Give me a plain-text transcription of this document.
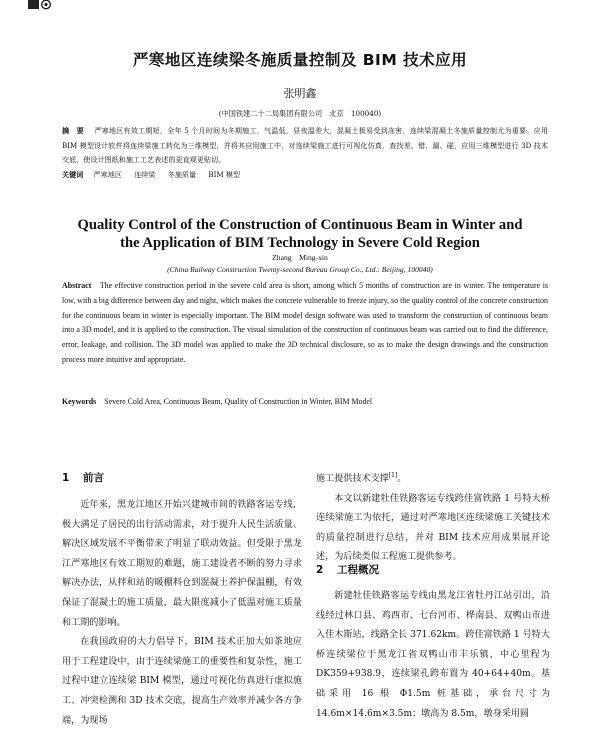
严寒地区连续梁冬施质量控制及 BIM 技术应用
张明鑫
(中国铁建二十二局集团有限公司　北京　100040)
摘　要 严寒地区有效工期短，全年 5 个月时间为冬期施工，气温低，昼夜温差大，混凝土极易受到冻害，连续梁混凝土冬施质量控制尤为重要。应用 BIM 模型设计软件将连续梁施工转化为三维模型，并将其应用施工中，对连续梁施工进行可视化仿真，查找差、错、漏、碰，应用三维模型进行 3D 技术交底，使设计图纸和施工工艺表述的更直观更贴切。
关键词 严寒地区 连续梁 冬施质量 BIM 模型
Quality Control of the Construction of Continuous Beam in Winter and
the Application of BIM Technology in Severe Cold Region
Zhang　Ming-xin
(China Railway Construction Twenty-second Bureau Group Co., Ltd.: Beijing, 100040)
Abstract The effective construction period in the severe cold area is short, among which 5 months of construction are in winter. The temperature is low, with a big difference between day and night, which makes the concrete vulnerable to freeze injury, so the quality control of the concrete construction for the continuous beam in winter is especially important. The BIM model design software was used to transform the construction of continuous beam into a 3D model, and it is applied to the construction. The visual simulation of the construction of continuous beam was carried out to find the difference, error, leakage, and collision. The 3D model was applied to make the 3D technical disclosure, so as to make the design drawings and the construction process more intuitive and appropriate.
Keywords Severe Cold Area, Continuous Beam, Quality of Construction in Winter, BIM Model
1 前言

近年来，黑龙江地区开始兴建城市间的铁路客运专线，极大满足了居民的出行活动需求，对于提升人民生活质量、解决区域发展不平衡带来了明显了联动效益。但受限于黑龙江严寒地区有效工期短的难题，施工建设者不断的努力寻求解决办法，从拌和站的暖棚料仓到混凝土养护保温棚，有效保证了混凝土的施工质量，最大限度减小了低温对施工质量和工期的影响。

在我国政府的大力倡导下，BIM 技术正加大如茶地应用于工程建设中，由于连续梁施工的重要性和复杂性，施工过程中建立连续梁 BIM 模型，通过可视化仿真进行虚拟施工、冲突检测和 3D 技术交底，提高生产效率并减少各方争端，为现场

施工提供技术支撑[1]。

本文以新建牡佳铁路客运专线跨佳富铁路 1 号特大桥连续梁施工为依托，通过对严寒地区连续梁施工关键技术的质量控制进行总结，并对 BIM 技术应用成果展开论述，为后续类似工程施工提供参考。

2 工程概况

新建牡佳铁路客运专线由黑龙江省牡丹江站引出，沿线经过林口县、鸡西市、七台河市、桦南县、双鸭山市进入佳木斯站，线路全长 371.62km。跨佳富铁路 1 号特大桥连续梁位于黑龙江省双鸭山市丰乐镇，中心里程为 DK359+938.9，连续梁孔跨布置为 40+64+40m。基础采用 16 根 Φ1.5m 桩基础，承台尺寸为 14.6m×14.6m×3.5m；墩高为 8.5m，墩身采用圆
